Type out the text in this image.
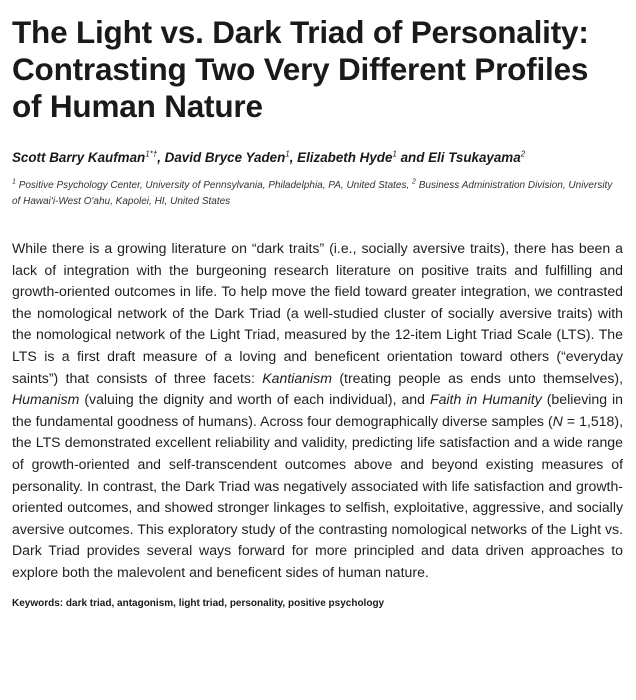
The Light vs. Dark Triad of Personality: Contrasting Two Very Different Profiles of Human Nature
Scott Barry Kaufman$^{1*\dagger}$, David Bryce Yaden$^1$, Elizabeth Hyde$^1$ and Eli Tsukayama$^2$
$^1$ Positive Psychology Center, University of Pennsylvania, Philadelphia, PA, United States, $^2$ Business Administration Division, University of Hawai'i-West O'ahu, Kapolei, HI, United States

While there is a growing literature on “dark traits” (i.e., socially aversive traits), there has been a lack of integration with the burgeoning research literature on positive traits and fulfilling and growth-oriented outcomes in life. To help move the field toward greater integration, we contrasted the nomological network of the Dark Triad (a well-studied cluster of socially aversive traits) with the nomological network of the Light Triad, measured by the 12-item Light Triad Scale (LTS). The LTS is a first draft measure of a loving and beneficent orientation toward others (“everyday saints”) that consists of three facets: Kantianism (treating people as ends unto themselves), Humanism (valuing the dignity and worth of each individual), and Faith in Humanity (believing in the fundamental goodness of humans). Across four demographically diverse samples (N = 1,518), the LTS demonstrated excellent reliability and validity, predicting life satisfaction and a wide range of growth-oriented and self-transcendent outcomes above and beyond existing measures of personality. In contrast, the Dark Triad was negatively associated with life satisfaction and growth-oriented outcomes, and showed stronger linkages to selfish, exploitative, aggressive, and socially aversive outcomes. This exploratory study of the contrasting nomological networks of the Light vs. Dark Triad provides several ways forward for more principled and data driven approaches to explore both the malevolent and beneficent sides of human nature.

Keywords: dark triad, antagonism, light triad, personality, positive psychology
